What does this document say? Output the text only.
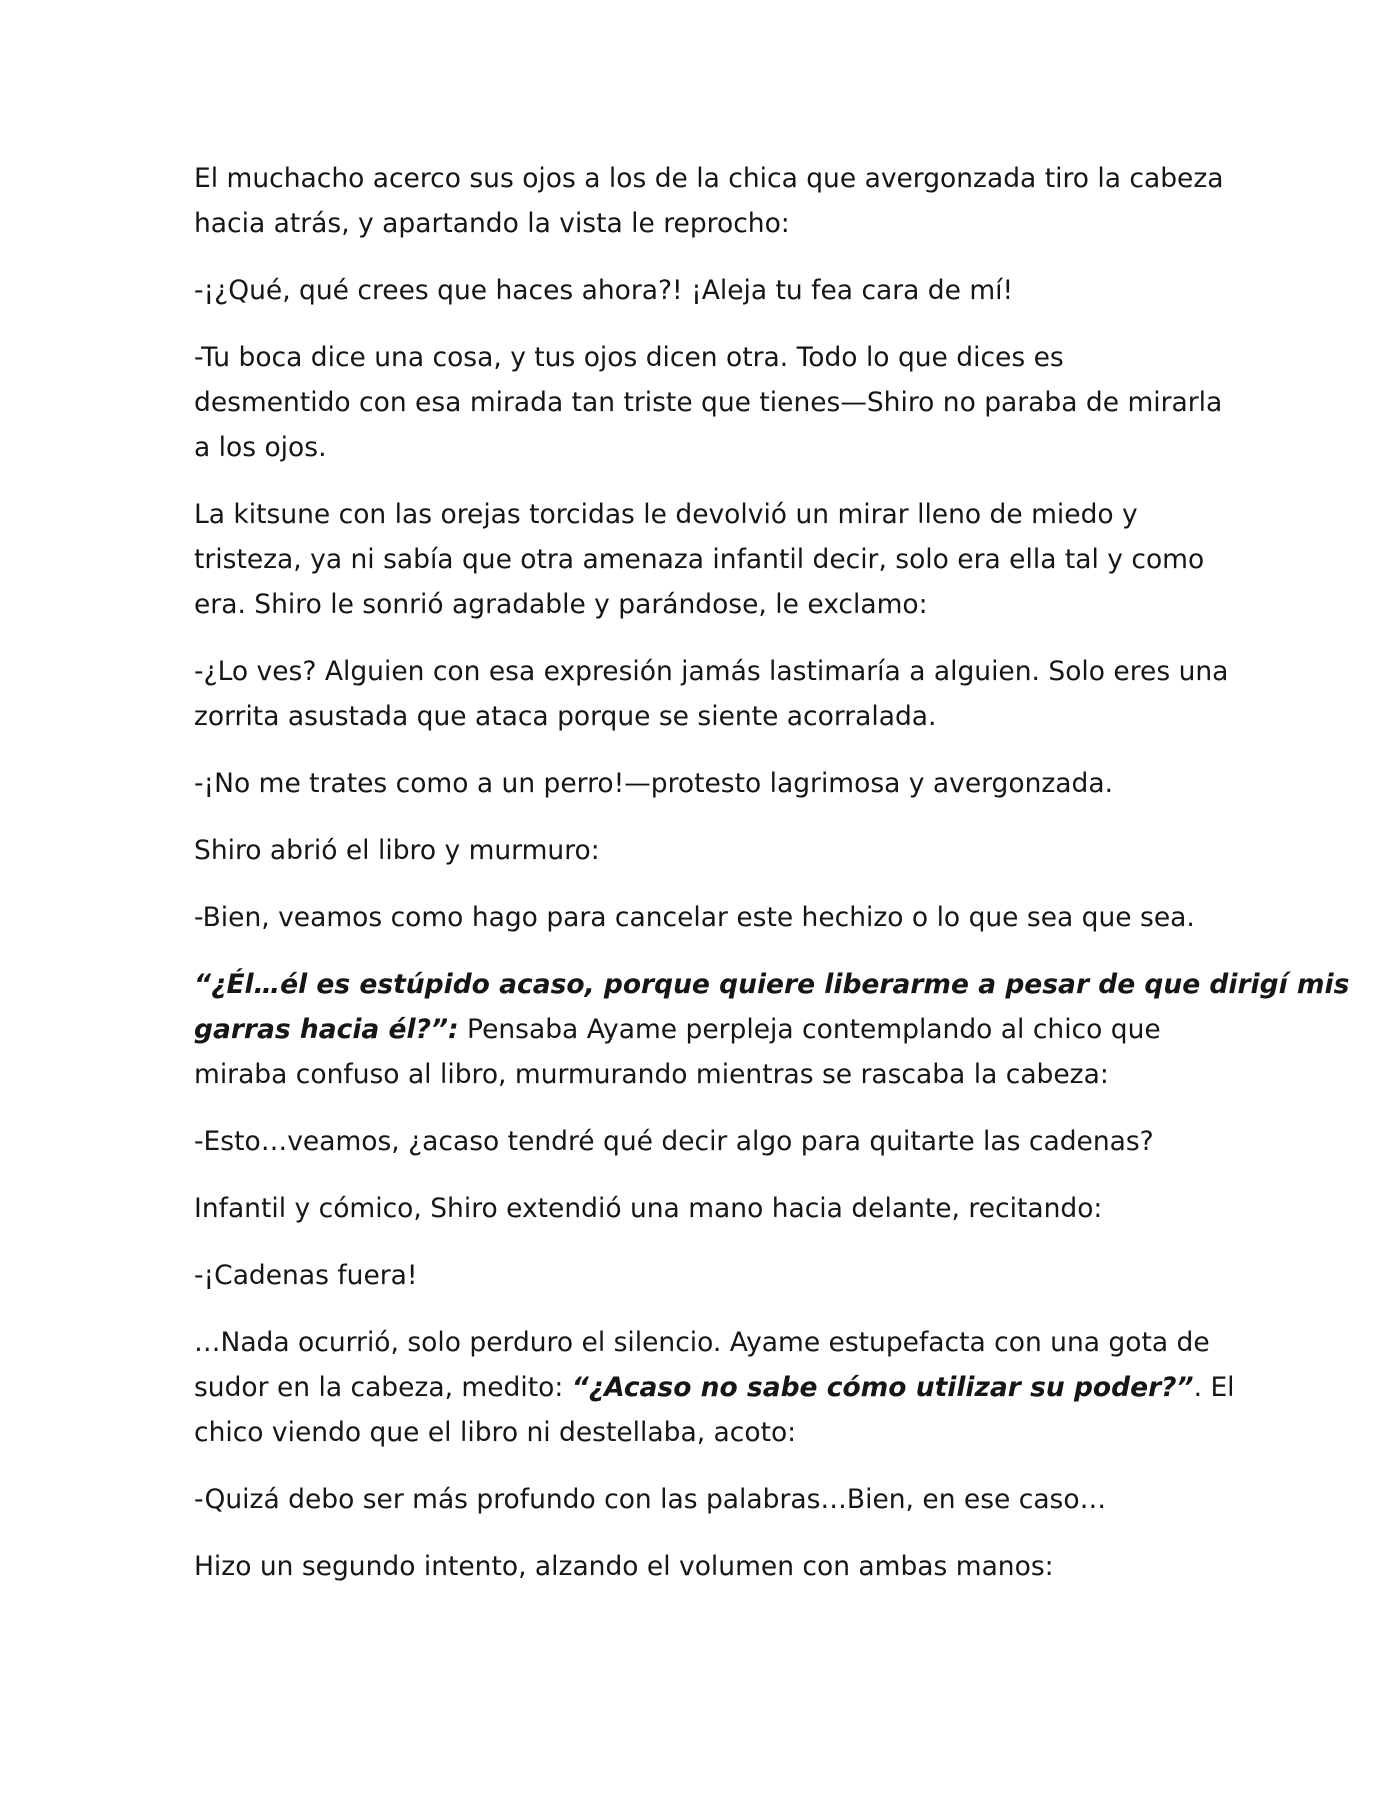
El muchacho acerco sus ojos a los de la chica que avergonzada tiro la cabeza
hacia atrás, y apartando la vista le reprocho:

-¡¿Qué, qué crees que haces ahora?! ¡Aleja tu fea cara de mí!

-Tu boca dice una cosa, y tus ojos dicen otra. Todo lo que dices es
desmentido con esa mirada tan triste que tienes—Shiro no paraba de mirarla
a los ojos.

La kitsune con las orejas torcidas le devolvió un mirar lleno de miedo y
tristeza, ya ni sabía que otra amenaza infantil decir, solo era ella tal y como
era. Shiro le sonrió agradable y parándose, le exclamo:

-¿Lo ves? Alguien con esa expresión jamás lastimaría a alguien. Solo eres una
zorrita asustada que ataca porque se siente acorralada.

-¡No me trates como a un perro!—protesto lagrimosa y avergonzada.

Shiro abrió el libro y murmuro:

-Bien, veamos como hago para cancelar este hechizo o lo que sea que sea.

“¿Él…él es estúpido acaso, porque quiere liberarme a pesar de que dirigí mis
garras hacia él?”: Pensaba Ayame perpleja contemplando al chico que
miraba confuso al libro, murmurando mientras se rascaba la cabeza:

-Esto…veamos, ¿acaso tendré qué decir algo para quitarte las cadenas?

Infantil y cómico, Shiro extendió una mano hacia delante, recitando:

-¡Cadenas fuera!

…Nada ocurrió, solo perduro el silencio. Ayame estupefacta con una gota de
sudor en la cabeza, medito: “¿Acaso no sabe cómo utilizar su poder?”. El
chico viendo que el libro ni destellaba, acoto:

-Quizá debo ser más profundo con las palabras…Bien, en ese caso…

Hizo un segundo intento, alzando el volumen con ambas manos:
